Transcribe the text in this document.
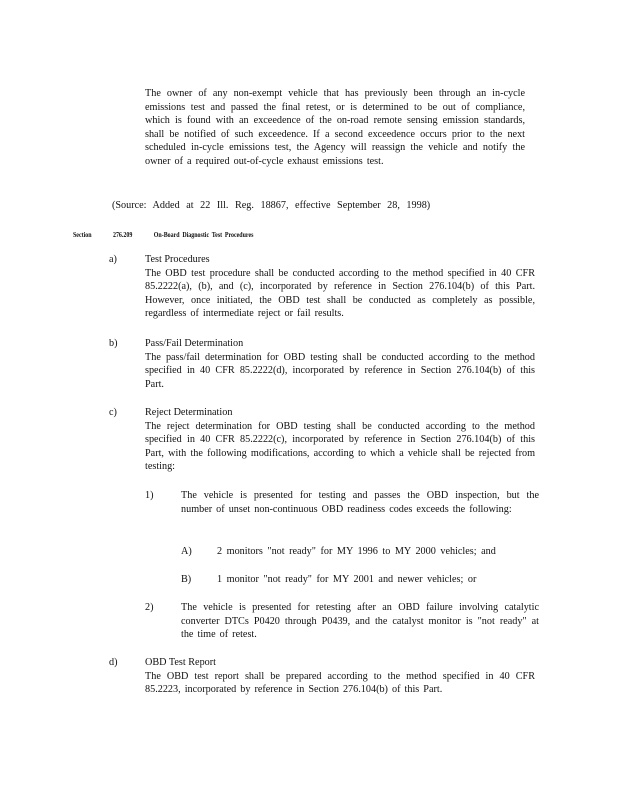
The owner of any non-exempt vehicle that has previously been through an in-cycle emissions test and passed the final retest, or is determined to be out of compliance, which is found with an exceedence of the on-road remote sensing emission standards, shall be notified of such exceedence. If a second exceedence occurs prior to the next scheduled in-cycle emissions test, the Agency will reassign the vehicle and notify the owner of a required out-of-cycle exhaust emissions test.
(Source: Added at 22 Ill. Reg. 18867, effective September 28, 1998)
Section	276.209	On-Board Diagnostic Test Procedures
a)	Test Procedures
The OBD test procedure shall be conducted according to the method specified in 40 CFR 85.2222(a), (b), and (c), incorporated by reference in Section 276.104(b) of this Part. However, once initiated, the OBD test shall be conducted as completely as possible, regardless of intermediate reject or fail results.
b)	Pass/Fail Determination
The pass/fail determination for OBD testing shall be conducted according to the method specified in 40 CFR 85.2222(d), incorporated by reference in Section 276.104(b) of this Part.
c)	Reject Determination
The reject determination for OBD testing shall be conducted according to the method specified in 40 CFR 85.2222(c), incorporated by reference in Section 276.104(b) of this Part, with the following modifications, according to which a vehicle shall be rejected from testing:
1)	The vehicle is presented for testing and passes the OBD inspection, but the number of unset non-continuous OBD readiness codes exceeds the following:
A) 2 monitors "not ready" for MY 1996 to MY 2000 vehicles; and
B)	1 monitor "not ready" for MY 2001 and newer vehicles; or
2)	The vehicle is presented for retesting after an OBD failure involving catalytic converter DTCs P0420 through P0439, and the catalyst monitor is "not ready" at the time of retest.
d)	OBD Test Report
The OBD test report shall be prepared according to the method specified in 40 CFR 85.2223, incorporated by reference in Section 276.104(b) of this Part.
